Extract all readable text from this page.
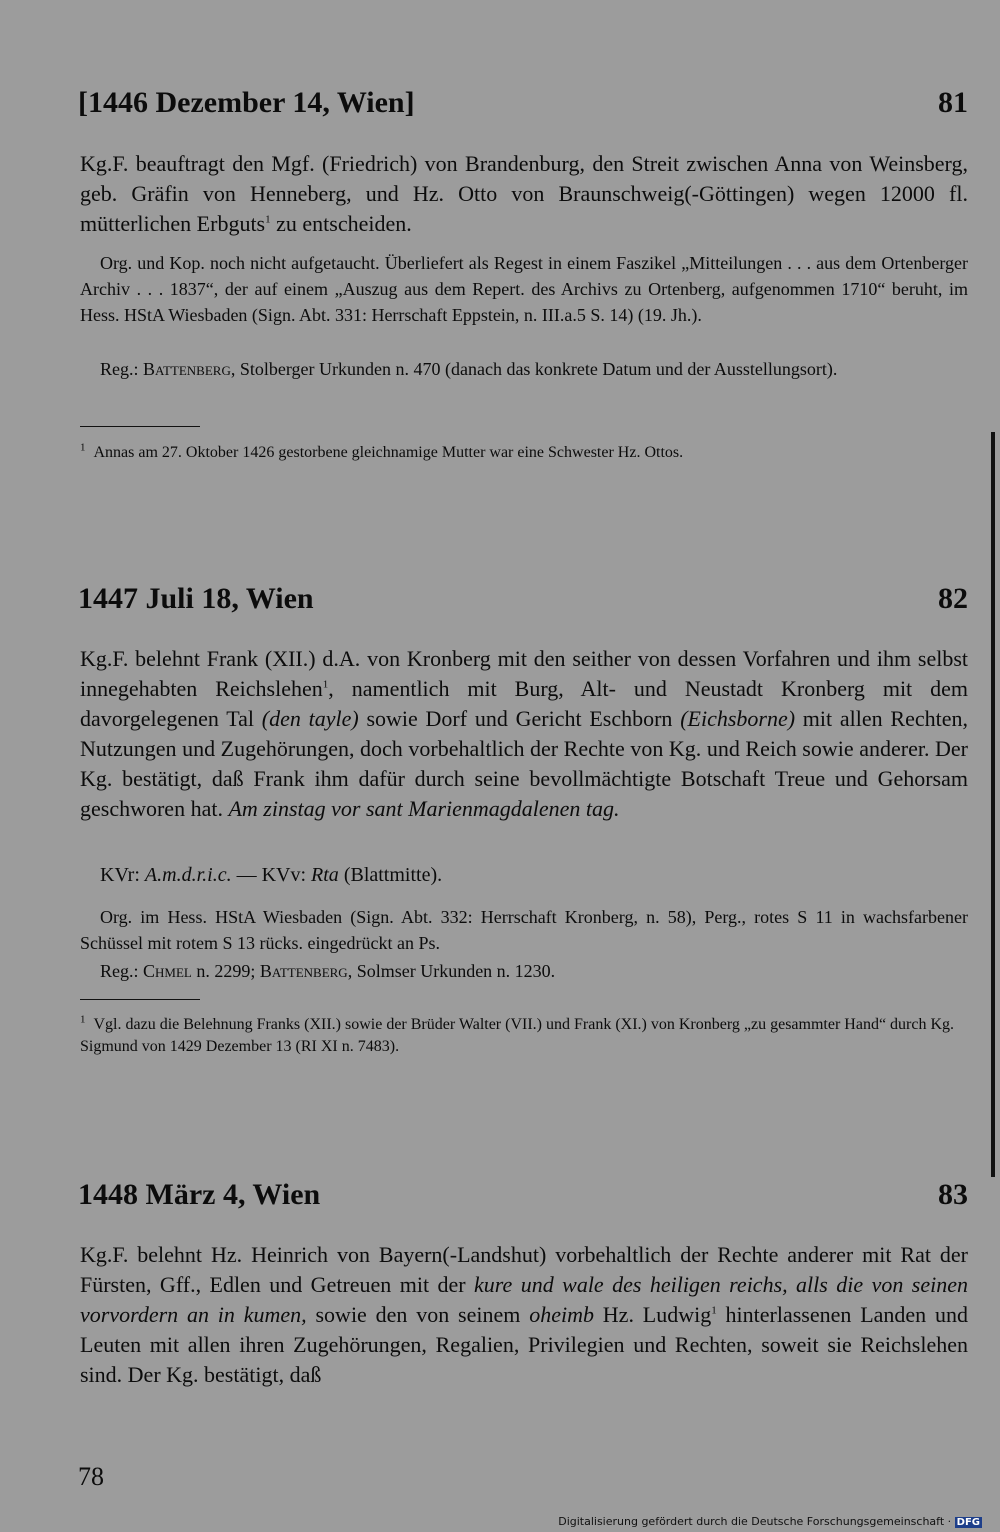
[1446 Dezember 14, Wien]	81
Kg.F. beauftragt den Mgf. (Friedrich) von Brandenburg, den Streit zwischen Anna von Weinsberg, geb. Gräfin von Henneberg, und Hz. Otto von Braunschweig(-Göttingen) wegen 12000 fl. mütterlichen Erbguts$^1$ zu entscheiden.
Org. und Kop. noch nicht aufgetaucht. Überliefert als Regest in einem Faszikel „Mitteilungen . . . aus dem Ortenberger Archiv . . . 1837“, der auf einem „Auszug aus dem Repert. des Archivs zu Ortenberg, aufgenommen 1710“ beruht, im Hess. HStA Wiesbaden (Sign. Abt. 331: Herrschaft Eppstein, n. III.a.5 S. 14) (19. Jh.).
Reg.: Battenberg, Stolberger Urkunden n. 470 (danach das konkrete Datum und der Ausstellungsort).
$^1$ Annas am 27. Oktober 1426 gestorbene gleichnamige Mutter war eine Schwester Hz. Ottos.
1447 Juli 18, Wien	82
Kg.F. belehnt Frank (XII.) d.A. von Kronberg mit den seither von dessen Vorfahren und ihm selbst innegehabten Reichslehen$^1$, namentlich mit Burg, Alt- und Neustadt Kronberg mit dem davorgelegenen Tal (den tayle) sowie Dorf und Gericht Eschborn (Eichsborne) mit allen Rechten, Nutzungen und Zugehörungen, doch vorbehaltlich der Rechte von Kg. und Reich sowie anderer. Der Kg. bestätigt, daß Frank ihm dafür durch seine bevollmächtigte Botschaft Treue und Gehorsam geschworen hat. Am zinstag vor sant Marienmagdalenen tag.
KVr: A.m.d.r.i.c. — KVv: Rta (Blattmitte).
Org. im Hess. HStA Wiesbaden (Sign. Abt. 332: Herrschaft Kronberg, n. 58), Perg., rotes S 11 in wachsfarbener Schüssel mit rotem S 13 rücks. eingedrückt an Ps.
Reg.: Chmel n. 2299; Battenberg, Solmser Urkunden n. 1230.
$^1$ Vgl. dazu die Belehnung Franks (XII.) sowie der Brüder Walter (VII.) und Frank (XI.) von Kronberg „zu gesammter Hand“ durch Kg. Sigmund von 1429 Dezember 13 (RI XI n. 7483).
1448 März 4, Wien	83
Kg.F. belehnt Hz. Heinrich von Bayern(-Landshut) vorbehaltlich der Rechte anderer mit Rat der Fürsten, Gff., Edlen und Getreuen mit der kure und wale des heiligen reichs, alls die von seinen vorvordern an in kumen, sowie den von seinem oheimb Hz. Ludwig$^1$ hinterlassenen Landen und Leuten mit allen ihren Zugehörungen, Regalien, Privilegien und Rechten, soweit sie Reichslehen sind. Der Kg. bestätigt, daß
78
Digitalisierung gefördert durch die Deutsche Forschungsgemeinschaft · DFG
